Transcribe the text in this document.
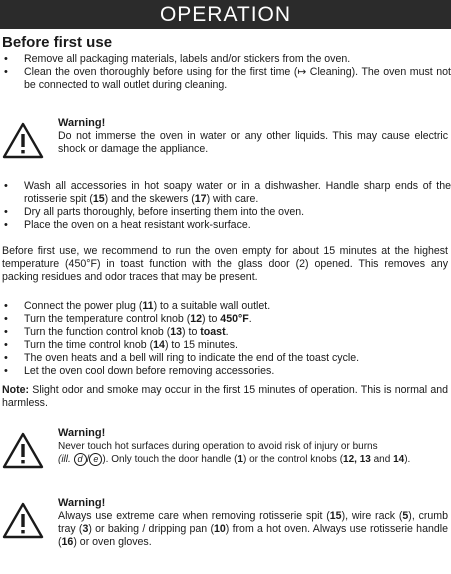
OPERATION
Before first use
• Remove all packaging materials, labels and/or stickers from the oven.
• Clean the oven thoroughly before using for the first time (↦ Cleaning). The oven must not be connected to wall outlet during cleaning.
Warning!
Do not immerse the oven in water or any other liquids. This may cause electric shock or damage the appliance.
• Wash all accessories in hot soapy water or in a dishwasher. Handle sharp ends of the rotisserie spit (15) and the skewers (17) with care.
• Dry all parts thoroughly, before inserting them into the oven.
• Place the oven on a heat resistant work-surface.

Before first use, we recommend to run the oven empty for about 15 minutes at the highest temperature (450°F) in toast function with the glass door (2) opened. This removes any packing residues and odor traces that may be present.

• Connect the power plug (11) to a suitable wall outlet.
• Turn the temperature control knob (12) to 450°F.
• Turn the function control knob (13) to toast.
• Turn the time control knob (14) to 15 minutes.
• The oven heats and a bell will ring to indicate the end of the toast cycle.
• Let the oven cool down before removing accessories.

Note: Slight odor and smoke may occur in the first 15 minutes of operation. This is normal and harmless.

Warning!
Never touch hot surfaces during operation to avoid risk of injury or burns
(ill. d / e ). Only touch the door handle (1) or the control knobs (12, 13 and 14).
Warning!
Always use extreme care when removing rotisserie spit (15), wire rack (5), crumb tray (3) or baking / dripping pan (10) from a hot oven. Always use rotisserie handle (16) or oven gloves.
